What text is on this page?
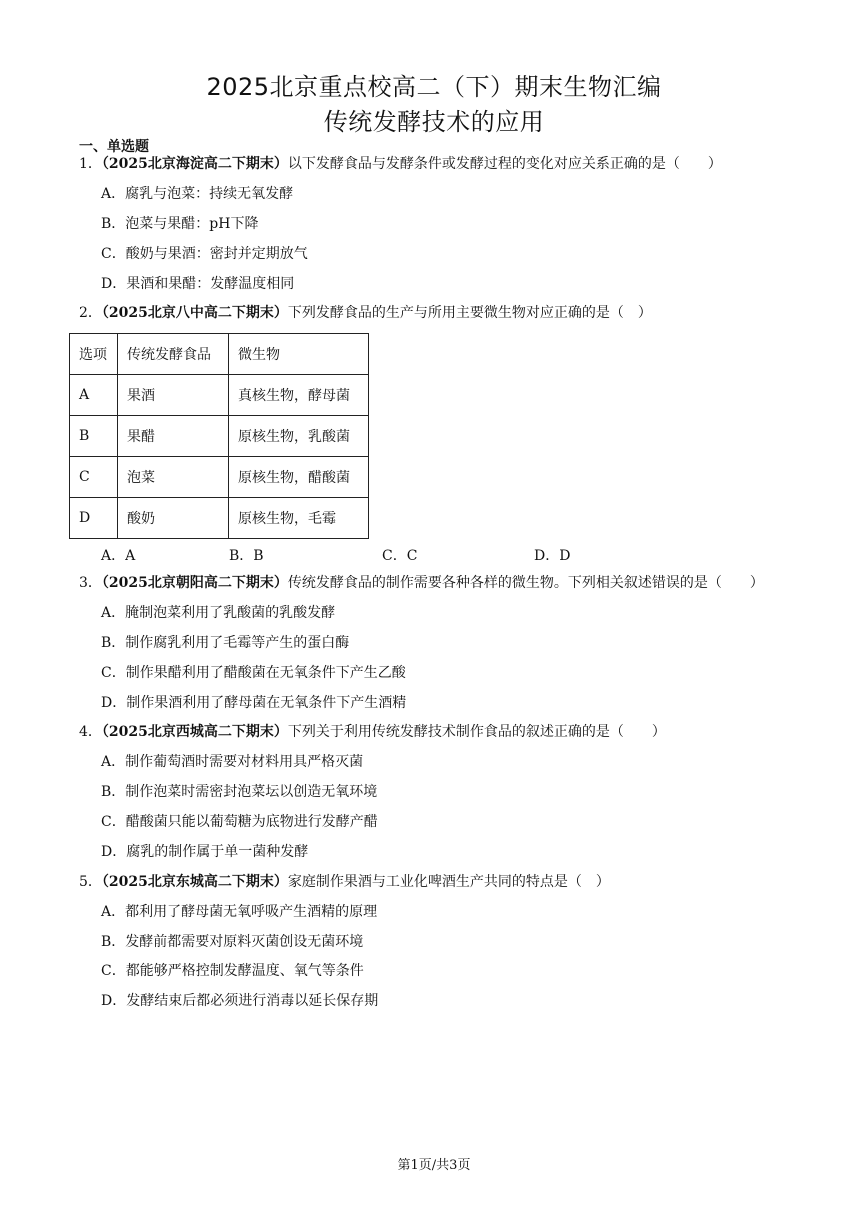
2025北京重点校高二（下）期末生物汇编
传统发酵技术的应用
一、单选题
1．（2025北京海淀高二下期末）以下发酵食品与发酵条件或发酵过程的变化对应关系正确的是（　　）
A．腐乳与泡菜：持续无氧发酵
B．泡菜与果醋：pH下降
C．酸奶与果酒：密封并定期放气
D．果酒和果醋：发酵温度相同
2．（2025北京八中高二下期末）下列发酵食品的生产与所用主要微生物对应正确的是（　）
选项	传统发酵食品	微生物
A	果酒	真核生物，酵母菌
B	果醋	原核生物，乳酸菌
C	泡菜	原核生物，醋酸菌
D	酸奶	原核生物，毛霉
A．A	B．B	C．C	D．D
3．（2025北京朝阳高二下期末）传统发酵食品的制作需要各种各样的微生物。下列相关叙述错误的是（　　）
A．腌制泡菜利用了乳酸菌的乳酸发酵
B．制作腐乳利用了毛霉等产生的蛋白酶
C．制作果醋利用了醋酸菌在无氧条件下产生乙酸
D．制作果酒利用了酵母菌在无氧条件下产生酒精
4．（2025北京西城高二下期末）下列关于利用传统发酵技术制作食品的叙述正确的是（　　）
A．制作葡萄酒时需要对材料用具严格灭菌
B．制作泡菜时需密封泡菜坛以创造无氧环境
C．醋酸菌只能以葡萄糖为底物进行发酵产醋
D．腐乳的制作属于单一菌种发酵
5．（2025北京东城高二下期末）家庭制作果酒与工业化啤酒生产共同的特点是（　）
A．都利用了酵母菌无氧呼吸产生酒精的原理
B．发酵前都需要对原料灭菌创设无菌环境
C．都能够严格控制发酵温度、氧气等条件
D．发酵结束后都必须进行消毒以延长保存期
第1页/共3页
